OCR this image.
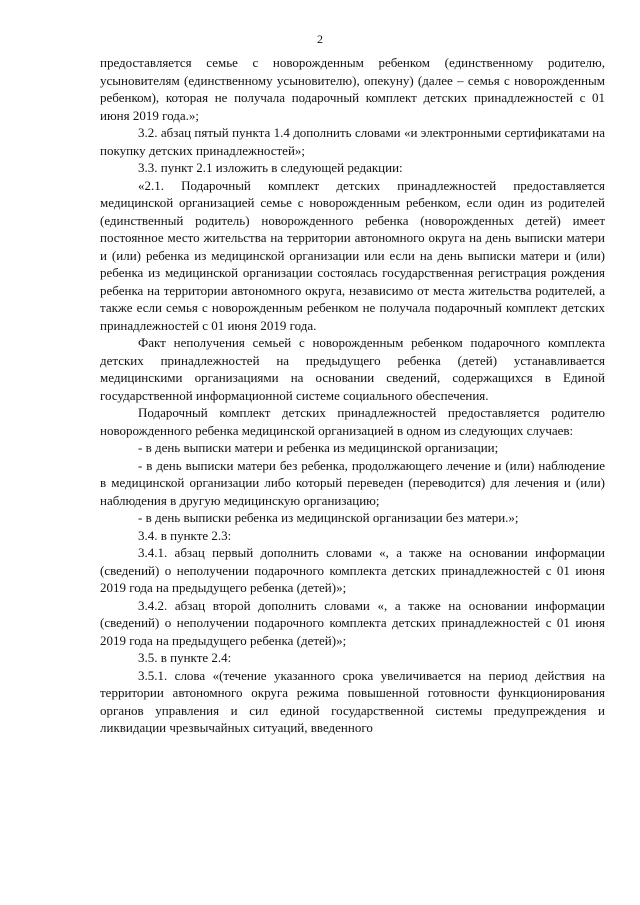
2

предоставляется семье с новорожденным ребенком (единственному родителю, усыновителям (единственному усыновителю), опекуну) (далее – семья с новорожденным ребенком), которая не получала подарочный комплект детских принадлежностей с 01 июня 2019 года.»;

3.2. абзац пятый пункта 1.4 дополнить словами «и электронными сертификатами на покупку детских принадлежностей»;

3.3. пункт 2.1 изложить в следующей редакции:

«2.1. Подарочный комплект детских принадлежностей предоставляется медицинской организацией семье с новорожденным ребенком, если один из родителей (единственный родитель) новорожденного ребенка (новорожденных детей) имеет постоянное место жительства на территории автономного округа на день выписки матери и (или) ребенка из медицинской организации или если на день выписки матери и (или) ребенка из медицинской организации состоялась государственная регистрация рождения ребенка на территории автономного округа, независимо от места жительства родителей, а также если семья с новорожденным ребенком не получала подарочный комплект детских принадлежностей с 01 июня 2019 года.

Факт неполучения семьей с новорожденным ребенком подарочного комплекта детских принадлежностей на предыдущего ребенка (детей) устанавливается медицинскими организациями на основании сведений, содержащихся в Единой государственной информационной системе социального обеспечения.

Подарочный комплект детских принадлежностей предоставляется родителю новорожденного ребенка медицинской организацией в одном из следующих случаев:

- в день выписки матери и ребенка из медицинской организации;

- в день выписки матери без ребенка, продолжающего лечение и (или) наблюдение в медицинской организации либо который переведен (переводится) для лечения и (или) наблюдения в другую медицинскую организацию;

- в день выписки ребенка из медицинской организации без матери.»;

3.4. в пункте 2.3:

3.4.1. абзац первый дополнить словами «, а также на основании информации (сведений) о неполучении подарочного комплекта детских принадлежностей с 01 июня 2019 года на предыдущего ребенка (детей)»;

3.4.2. абзац второй дополнить словами «, а также на основании информации (сведений) о неполучении подарочного комплекта детских принадлежностей с 01 июня 2019 года на предыдущего ребенка (детей)»;

3.5. в пункте 2.4:

3.5.1. слова «(течение указанного срока увеличивается на период действия на территории автономного округа режима повышенной готовности функционирования органов управления и сил единой государственной системы предупреждения и ликвидации чрезвычайных ситуаций, введенного
